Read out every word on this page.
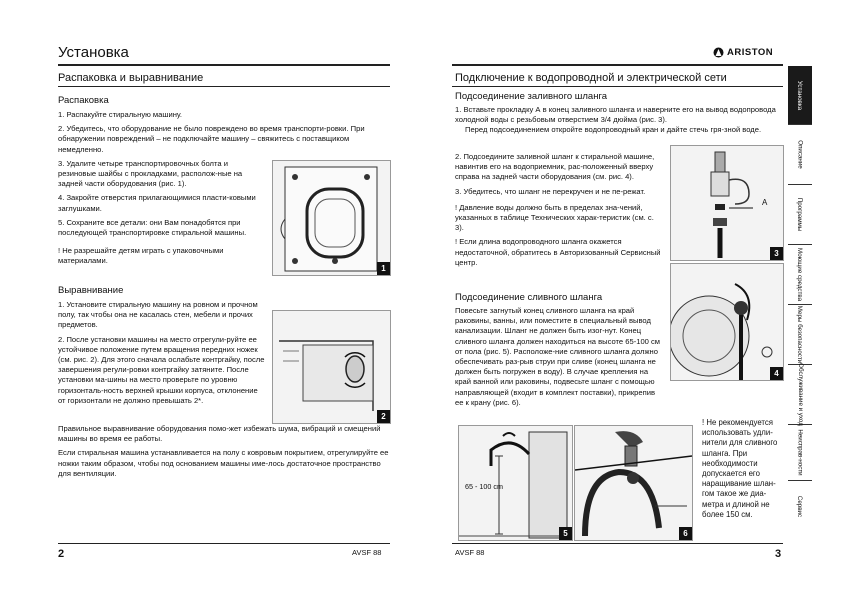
Установка
Распаковка и выравнивание
Распаковка

1. Распакуйте стиральную машину.

2. Убедитесь, что оборудование не было повреждено во время транспорти-ровки. При обнаружении повреждений – не подключайте машину – свяжитесь с поставщиком немедленно.

3. Удалите четыре транспортировочных болта и резиновые шайбы с прокладками, располож-ные на задней части оборудования (рис. 1).

4. Закройте отверстия прилагающимися пласти-ковыми заглушками.

5. Сохраните все детали: они Вам понадобятся при последующей транспортировке стиральной машины.

! Не разрешайте детям играть с упаковочными материалами.

1
Выравнивание

1. Установите стиральную машину на ровном и прочном полу, так чтобы она не касалась стен, мебели и прочих предметов.

2. После установки машины на место отрегули-руйте ее устойчивое положение путем вращения передних ножек (см. рис. 2). Для этого сначала ослабьте контргайку, после завершения регули-ровки контргайку затяните. После установки ма-шины на место проверьте по уровню горизонталь-ность верхней крышки корпуса, отклонение от горизонтали не должно превышать 2*.

Правильное выравнивание оборудования помо-жет избежать шума, вибраций и смещений машины во время ее работы.

Если стиральная машина устанавливается на полу с ковровым покрытием, отрегулируйте ее ножки таким образом, чтобы под основанием машины име-лось достаточное пространство для вентиляции.

2
2	AVSF 88
ARISTON
Подключение к водопроводной и электрической сети
Подсоединение заливного шланга

1. Вставьте прокладку А в конец заливного шланга и наверните его на вывод водопровода холодной воды с резьбовым отверстием 3/4 дюйма (рис. 3).

Перед подсоединением откройте водопроводный кран и дайте стечь гря-зной воде.

2. Подсоедините заливной шланг к стиральной машине, навинтив его на водоприемник, рас-положенный вверху справа на задней части оборудования (см. рис. 4).

3. Убедитесь, что шланг не перекручен и не пе-режат.

! Давление воды должно быть в пределах зна-чений, указанных в таблице Технических харак-теристик (см. с. 3).

! Если длина водопроводного шланга окажется недостаточной, обратитесь в Авторизованный Сервисный центр.

A
3
Подсоединение сливного шланга

Повесьте загнутый конец сливного шланга на край раковины, ванны, или поместите в специальный вывод канализации. Шланг не должен быть изог-нут. Конец сливного шланга должен находиться на высоте 65-100 см от пола (рис. 5). Расположе-ние сливного шланга должно обеспечивать раз-рыв струи при сливе (конец шланга не должен быть погружен в воду). В случае крепления на край ванной или раковины, подвесьте шланг с помощью направляющей (входит в комплект поставки), прикрепив ее к крану (рис. 6).

4

! Не рекомендуется использовать удли-нители для сливного шланга. При необходимости допускается его наращивание шлан-гом такое же диа-метра и длиной не более 150 см.

65 - 100 cm
5	6
Установка
Описание
Программы
Моющие средства
Меры безопасности
Обслуживание и уход
Неисправ-ности
Сервис
AVSF 88	3
